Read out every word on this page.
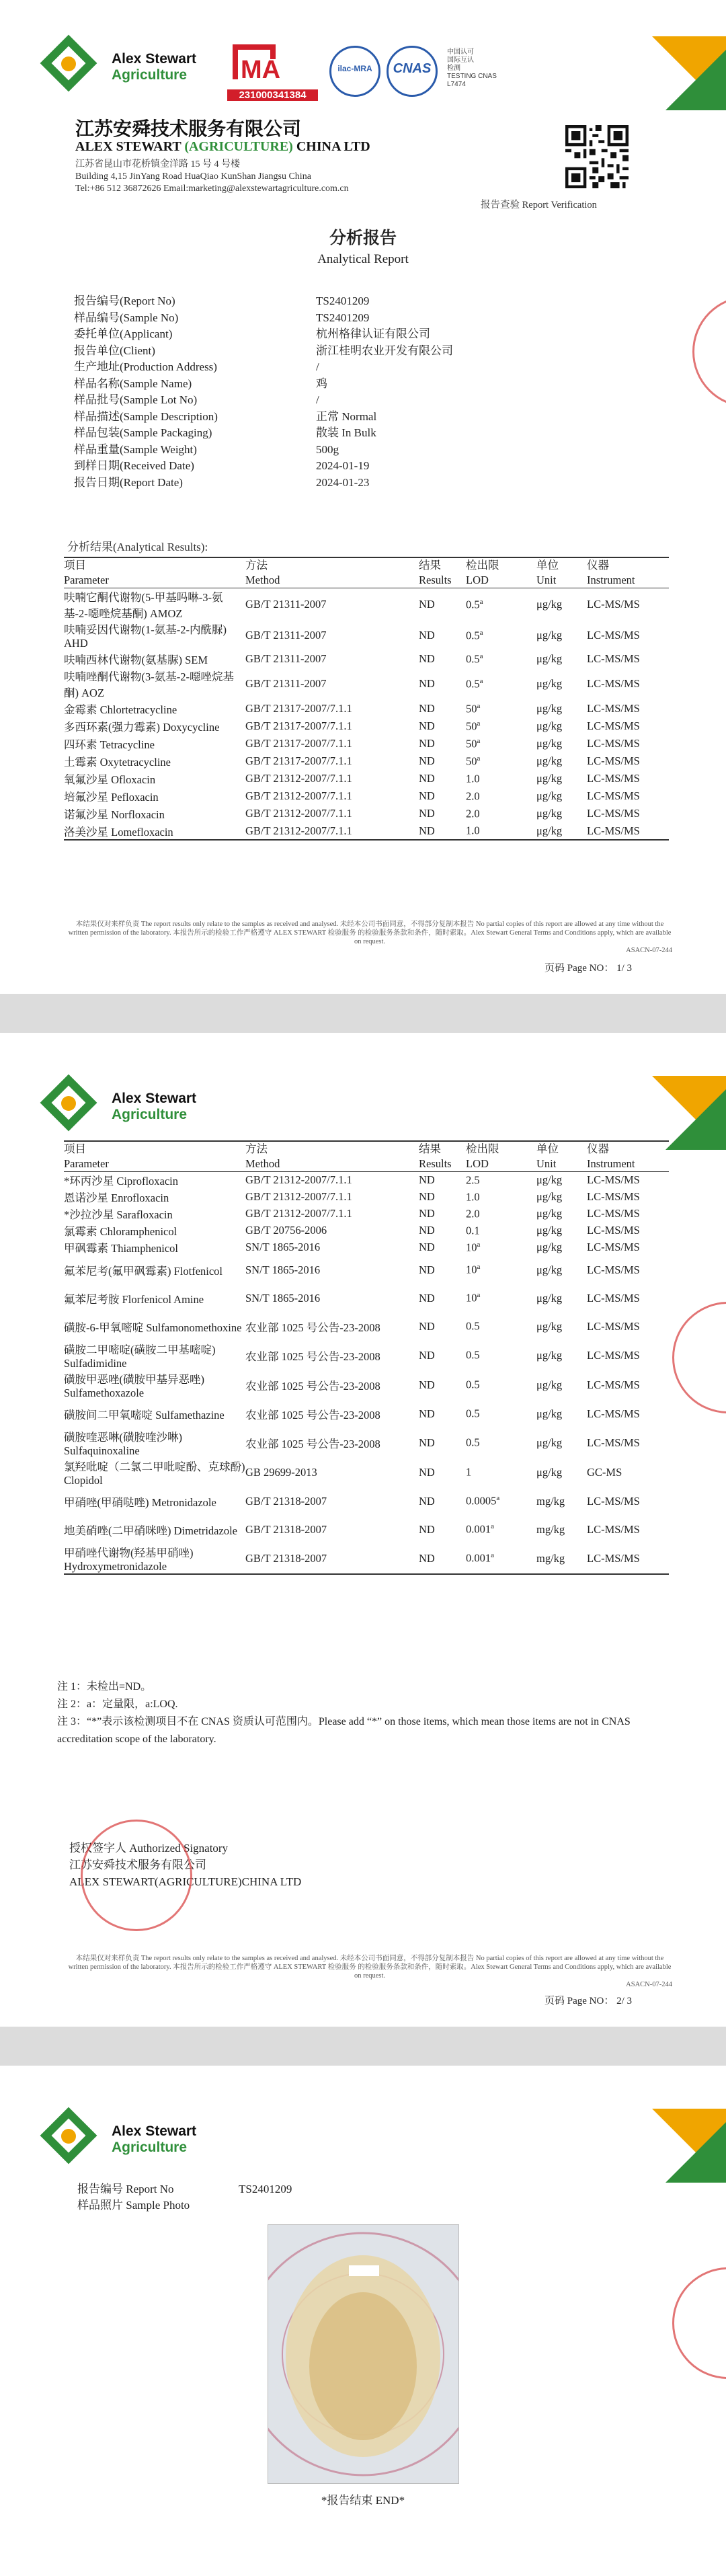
Alex Stewart
Agriculture MA
231000341384
ilac-MRA	CNAS
中国认可
国际互认
检测
TESTING CNAS L7474
江苏安舜技术服务有限公司
ALEX STEWART (AGRICULTURE) CHINA LTD
江苏省昆山市花桥镇金洋路 15 号 4 号楼
Building 4,15 JinYang Road HuaQiao KunShan Jiangsu China
Tel:+86 512 36872626 Email:marketing@alexstewartagriculture.com.cn
报告查验 Report Verification
分析报告
Analytical Report
报告编号(Report No)	TS2401209
样品编号(Sample No)	TS2401209
委托单位(Applicant)	杭州格律认证有限公司
报告单位(Client)	浙江桂明农业开发有限公司
生产地址(Production Address)	/
样品名称(Sample Name)	鸡
样品批号(Sample Lot No)	/
样品描述(Sample Description)	正常 Normal
样品包装(Sample Packaging)	散装 In Bulk
样品重量(Sample Weight)	500g
到样日期(Received Date)	2024-01-19
报告日期(Report Date)	2024-01-23
分析结果(Analytical Results):
项目	方法	结果	检出限	单位	仪器
Parameter	Method	Results	LOD	Unit	Instrument
呋喃它酮代谢物(5-甲基吗啉-3-氨基-2-噁唑烷基酮) AMOZ	GB/T 21311-2007	ND	0.5$^a$	μg/kg	LC-MS/MS
呋喃妥因代谢物(1-氨基-2-内酰脲) AHD	GB/T 21311-2007	ND	0.5$^a$	μg/kg	LC-MS/MS
呋喃西林代谢物(氨基脲) SEM	GB/T 21311-2007	ND	0.5$^a$	μg/kg	LC-MS/MS
呋喃唑酮代谢物(3-氨基-2-噁唑烷基酮) AOZ	GB/T 21311-2007	ND	0.5$^a$	μg/kg	LC-MS/MS
金霉素 Chlortetracycline	GB/T 21317-2007/7.1.1	ND	50$^a$	μg/kg	LC-MS/MS
多西环素(强力霉素) Doxycycline	GB/T 21317-2007/7.1.1	ND	50$^a$	μg/kg	LC-MS/MS
四环素 Tetracycline	GB/T 21317-2007/7.1.1	ND	50$^a$	μg/kg	LC-MS/MS
土霉素 Oxytetracycline	GB/T 21317-2007/7.1.1	ND	50$^a$	μg/kg	LC-MS/MS
氧氟沙星 Ofloxacin	GB/T 21312-2007/7.1.1	ND	1.0	μg/kg	LC-MS/MS
培氟沙星 Pefloxacin	GB/T 21312-2007/7.1.1	ND	2.0	μg/kg	LC-MS/MS
诺氟沙星 Norfloxacin	GB/T 21312-2007/7.1.1	ND	2.0	μg/kg	LC-MS/MS
洛美沙星 Lomefloxacin	GB/T 21312-2007/7.1.1	ND	1.0	μg/kg	LC-MS/MS
本结果仅对来样负责 The report results only relate to the samples as received and analysed. 未经本公司书面同意，不得部分复制本报告 No partial copies of this report are allowed at any time without the written permission of the laboratory. 本报告所示的检验工作严格遵守 ALEX STEWART 检验服务 的检验服务条款和条件，随时索取。Alex Stewart General Terms and Conditions apply, which are available on request.
ASACN-07-244
页码 Page NO： 1/ 3
Alex Stewart
Agriculture
项目	方法	结果	检出限	单位	仪器
Parameter	Method	Results	LOD	Unit	Instrument
*环丙沙星 Ciprofloxacin	GB/T 21312-2007/7.1.1	ND	2.5	μg/kg	LC-MS/MS
恩诺沙星 Enrofloxacin	GB/T 21312-2007/7.1.1	ND	1.0	μg/kg	LC-MS/MS
*沙拉沙星 Sarafloxacin	GB/T 21312-2007/7.1.1	ND	2.0	μg/kg	LC-MS/MS
氯霉素 Chloramphenicol	GB/T 20756-2006	ND	0.1	μg/kg	LC-MS/MS
甲砜霉素 Thiamphenicol	SN/T 1865-2016	ND	10$^a$	μg/kg	LC-MS/MS
氟苯尼考(氟甲砜霉素) Flotfenicol	SN/T 1865-2016	ND	10$^a$	μg/kg	LC-MS/MS
氟苯尼考胺 Florfenicol Amine	SN/T 1865-2016	ND	10$^a$	μg/kg	LC-MS/MS
磺胺-6-甲氧嘧啶 Sulfamonomethoxine	农业部 1025 号公告-23-2008	ND	0.5	μg/kg	LC-MS/MS
磺胺二甲嘧啶(磺胺二甲基嘧啶) Sulfadimidine	农业部 1025 号公告-23-2008	ND	0.5	μg/kg	LC-MS/MS
磺胺甲恶唑(磺胺甲基异恶唑) Sulfamethoxazole	农业部 1025 号公告-23-2008	ND	0.5	μg/kg	LC-MS/MS
磺胺间二甲氧嘧啶 Sulfamethazine	农业部 1025 号公告-23-2008	ND	0.5	μg/kg	LC-MS/MS
磺胺喹恶啉(磺胺喹沙啉) Sulfaquinoxaline	农业部 1025 号公告-23-2008	ND	0.5	μg/kg	LC-MS/MS
氯羟吡啶（二氯二甲吡啶酚、克球酚) Clopidol	GB 29699-2013	ND	1	μg/kg	GC-MS
甲硝唑(甲硝哒唑) Metronidazole	GB/T 21318-2007	ND	0.0005$^a$	mg/kg	LC-MS/MS
地美硝唑(二甲硝咪唑) Dimetridazole	GB/T 21318-2007	ND	0.001$^a$	mg/kg	LC-MS/MS
甲硝唑代谢物(羟基甲硝唑) Hydroxymetronidazole	GB/T 21318-2007	ND	0.001$^a$	mg/kg	LC-MS/MS
注 1：未检出=ND。
注 2：a：定量限，a:LOQ.
注 3：“*”表示该检测项目不在 CNAS 资质认可范围内。Please add “*” on those items, which mean those items are not in CNAS accreditation scope of the laboratory.
授权签字人 Authorized Signatory
江苏安舜技术服务有限公司
ALEX STEWART(AGRICULTURE)CHINA LTD
本结果仅对来样负责 The report results only relate to the samples as received and analysed. 未经本公司书面同意，不得部分复制本报告 No partial copies of this report are allowed at any time without the written permission of the laboratory. 本报告所示的检验工作严格遵守 ALEX STEWART 检验服务 的检验服务条款和条件，随时索取。Alex Stewart General Terms and Conditions apply, which are available on request.
ASACN-07-244
页码 Page NO： 2/ 3
Alex Stewart
Agriculture
报告编号 Report No	TS2401209
样品照片 Sample Photo
*报告结束 END*
